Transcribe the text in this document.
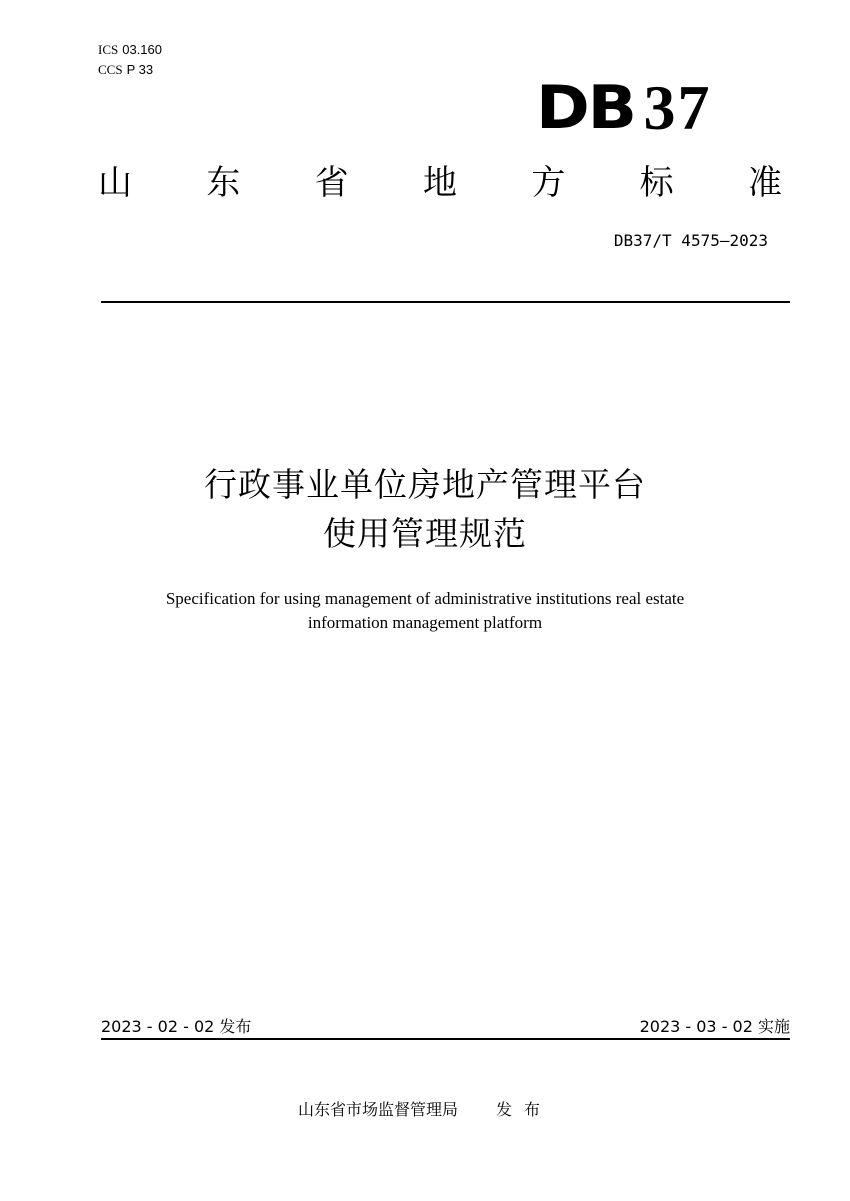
ICS 03.160
CCS P 33
DB 37
山 东 省 地 方 标 准
DB37/T 4575—2023
行政事业单位房地产管理平台
使用管理规范
Specification for using management of administrative institutions real estate
information management platform
2023 - 02 - 02 发布	2023 - 03 - 02 实施
山东省市场监督管理局 发布
